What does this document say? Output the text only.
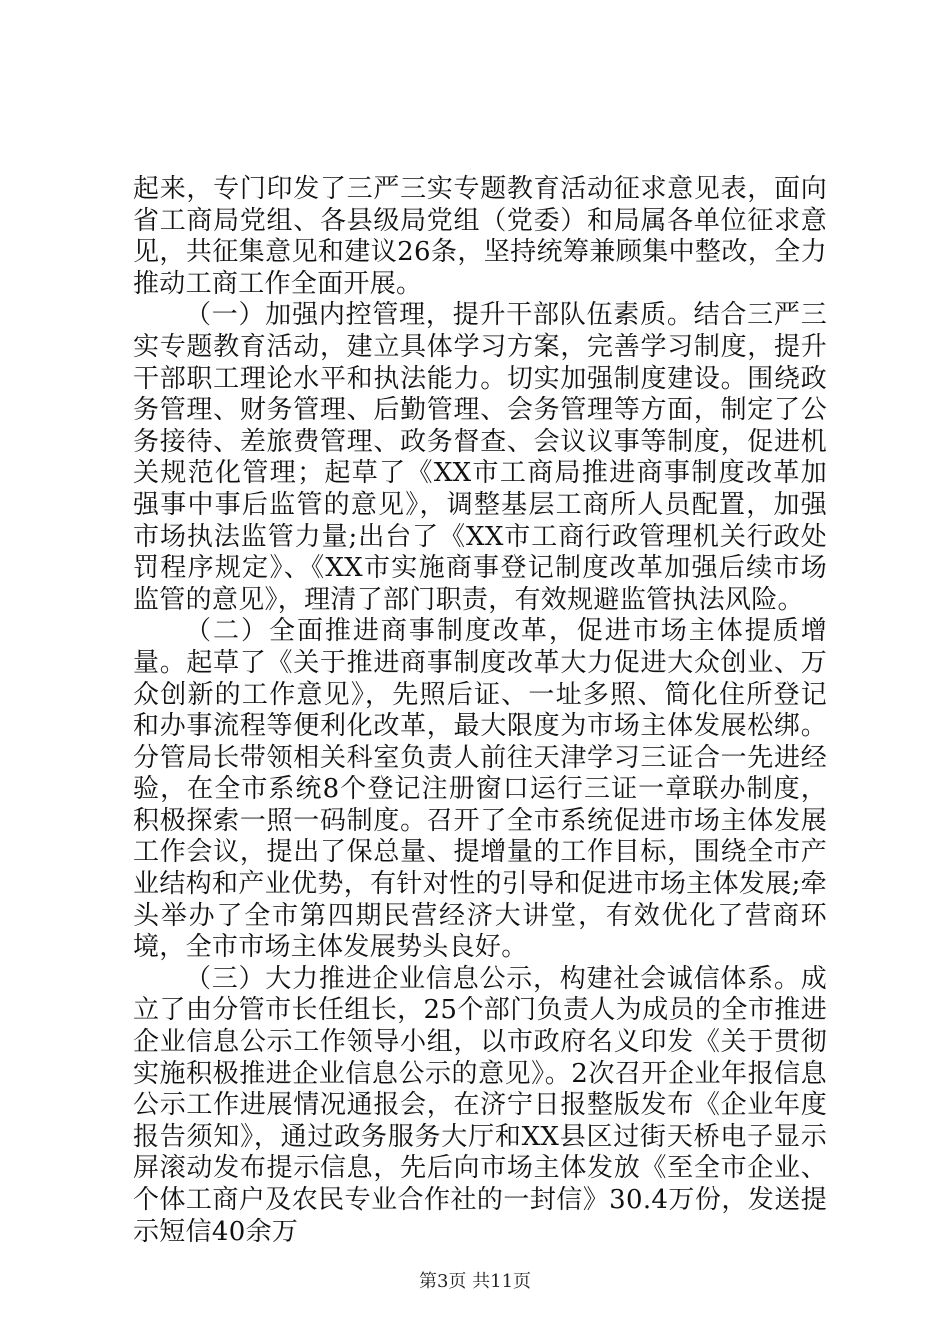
起来，专门印发了三严三实专题教育活动征求意见表，面向省工商局党组、各县级局党组（党委）和局属各单位征求意见，共征集意见和建议26条，坚持统筹兼顾集中整改，全力推动工商工作全面开展。

（一）加强内控管理，提升干部队伍素质。结合三严三实专题教育活动，建立具体学习方案，完善学习制度，提升干部职工理论水平和执法能力。切实加强制度建设。围绕政务管理、财务管理、后勤管理、会务管理等方面，制定了公务接待、差旅费管理、政务督查、会议议事等制度，促进机关规范化管理；起草了《XX市工商局推进商事制度改革加强事中事后监管的意见》，调整基层工商所人员配置，加强市场执法监管力量;出台了《XX市工商行政管理机关行政处罚程序规定》、《XX市实施商事登记制度改革加强后续市场监管的意见》，理清了部门职责，有效规避监管执法风险。

（二）全面推进商事制度改革，促进市场主体提质增量。起草了《关于推进商事制度改革大力促进大众创业、万众创新的工作意见》，先照后证、一址多照、简化住所登记和办事流程等便利化改革，最大限度为市场主体发展松绑。分管局长带领相关科室负责人前往天津学习三证合一先进经验，在全市系统8个登记注册窗口运行三证一章联办制度，积极探索一照一码制度。召开了全市系统促进市场主体发展工作会议，提出了保总量、提增量的工作目标，围绕全市产业结构和产业优势，有针对性的引导和促进市场主体发展;牵头举办了全市第四期民营经济大讲堂，有效优化了营商环境，全市市场主体发展势头良好。

（三）大力推进企业信息公示，构建社会诚信体系。成立了由分管市长任组长，25个部门负责人为成员的全市推进企业信息公示工作领导小组，以市政府名义印发《关于贯彻实施积极推进企业信息公示的意见》。2次召开企业年报信息公示工作进展情况通报会，在济宁日报整版发布《企业年度报告须知》，通过政务服务大厅和XX县区过街天桥电子显示屏滚动发布提示信息，先后向市场主体发放《至全市企业、个体工商户及农民专业合作社的一封信》30.4万份，发送提示短信40余万

第3页 共11页
